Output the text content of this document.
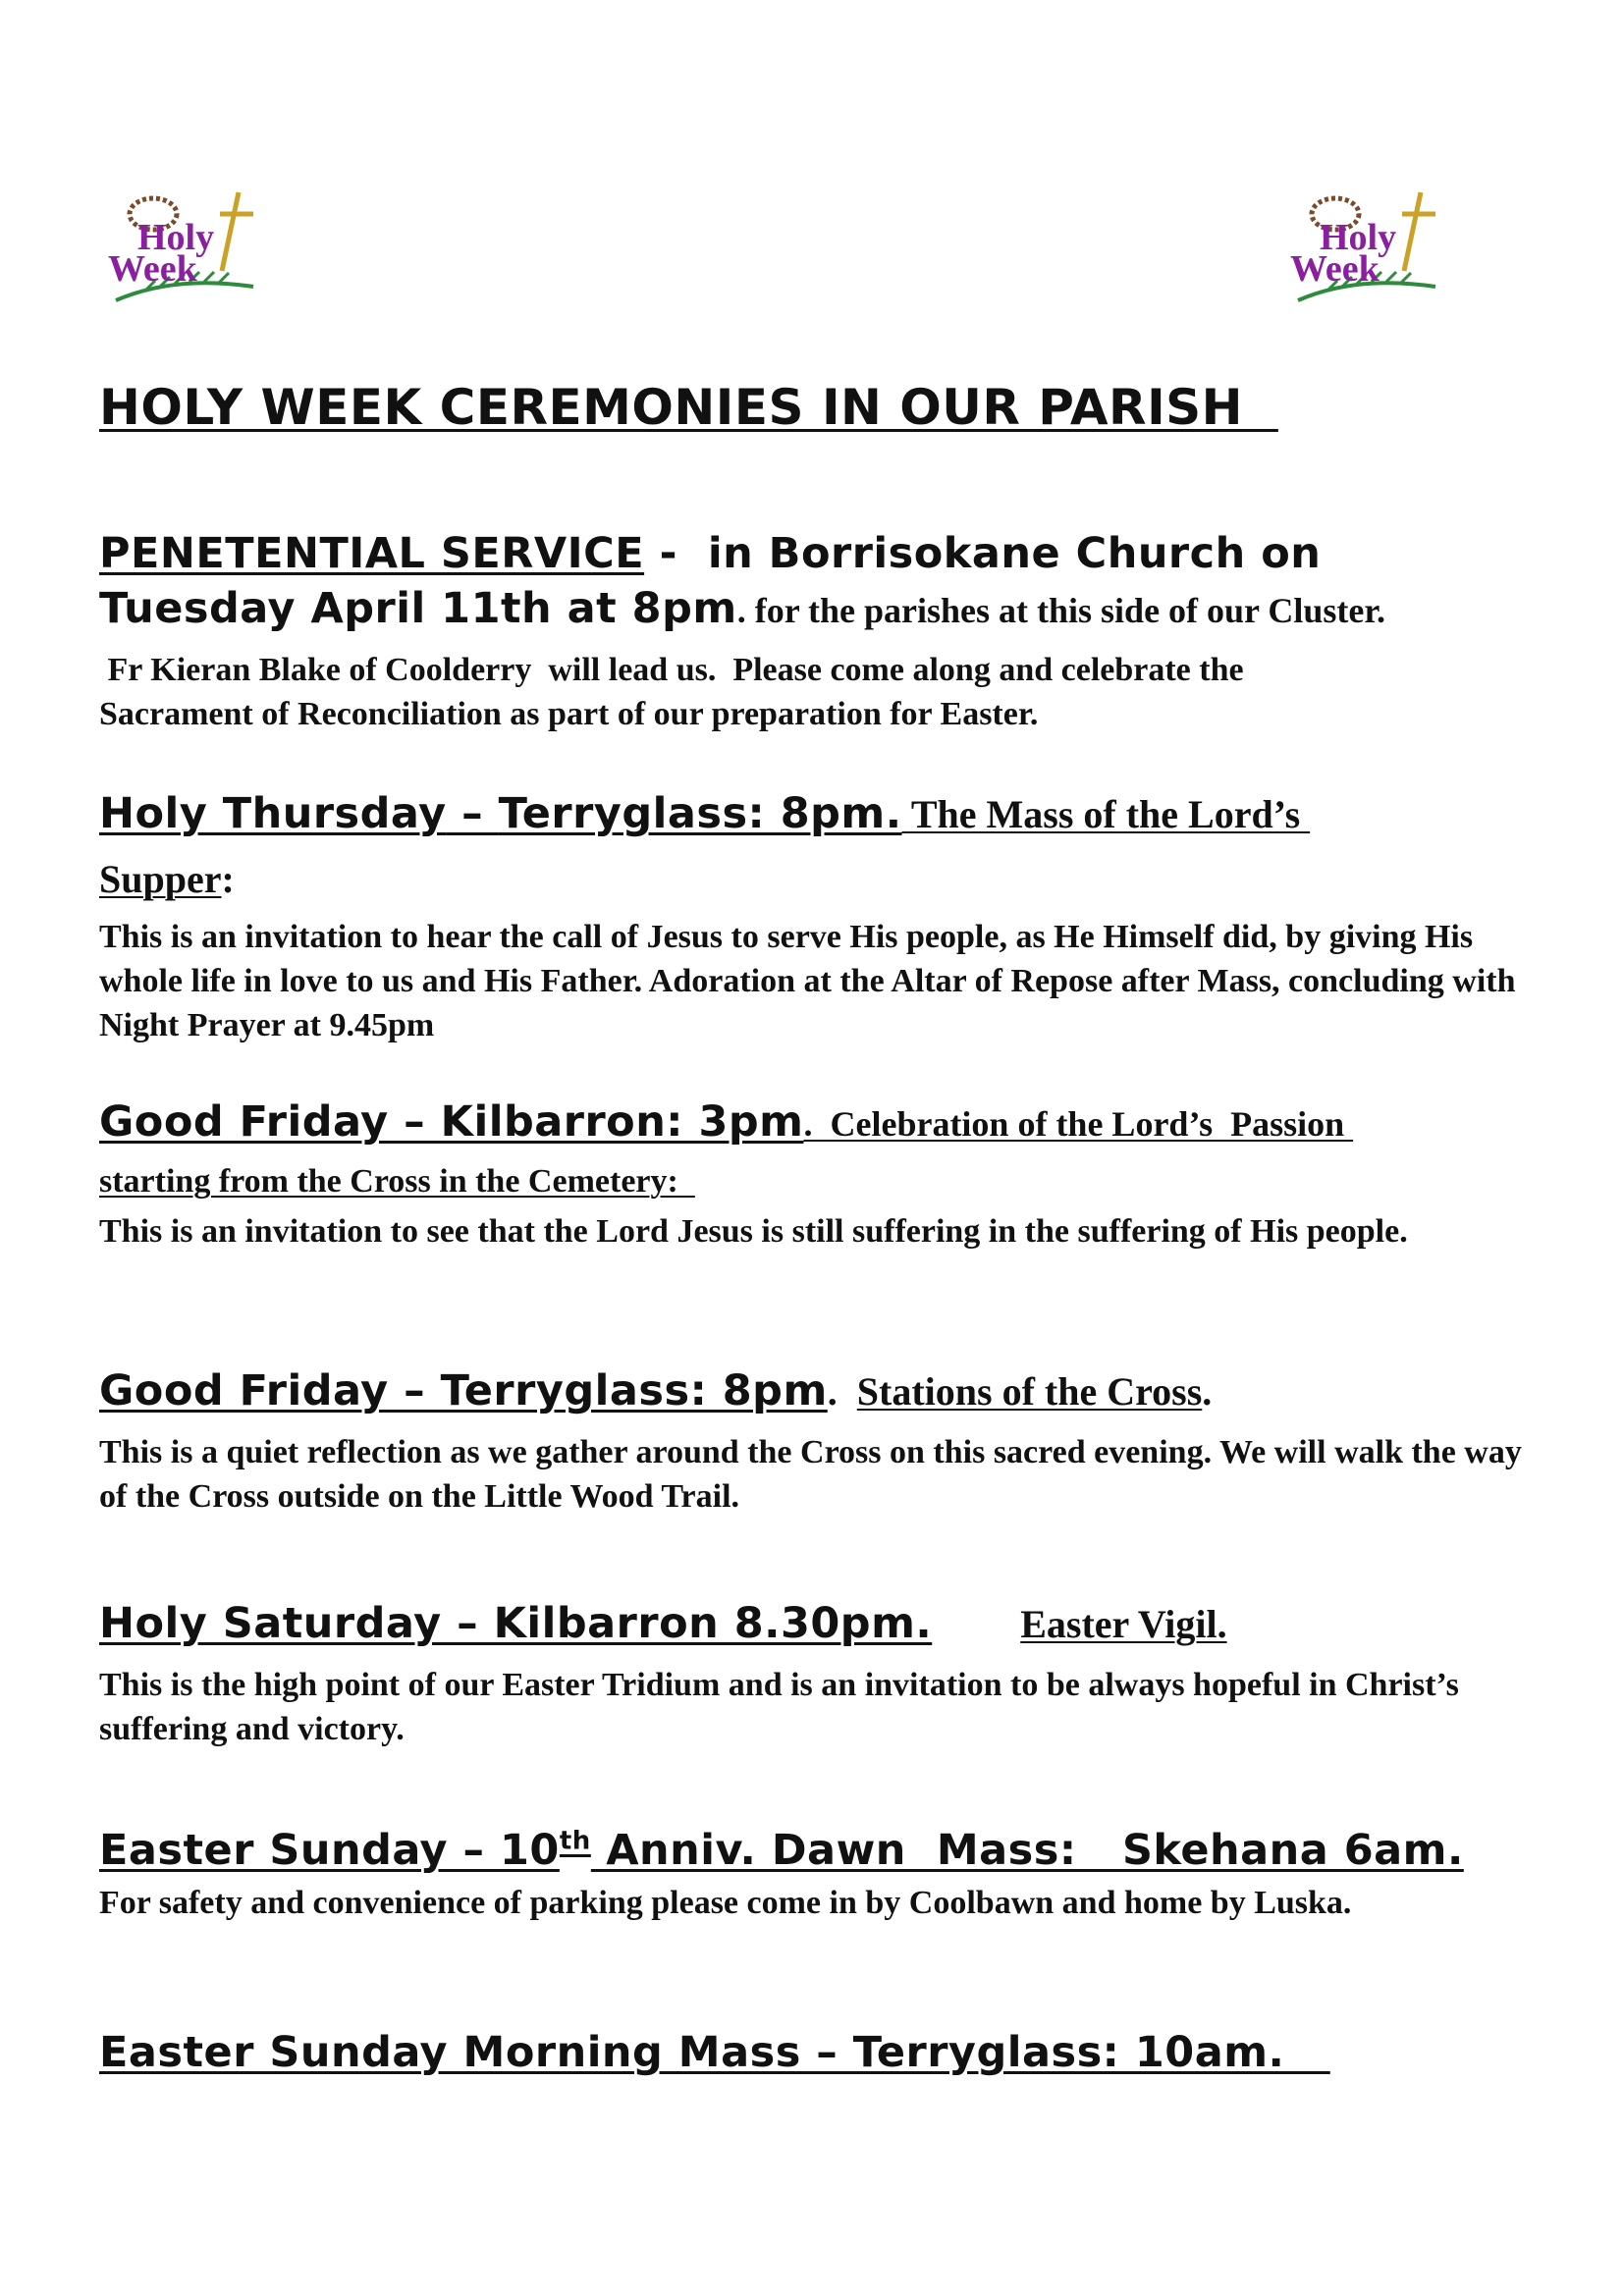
Holy
Week
Holy
Week
HOLY WEEK CEREMONIES IN OUR PARISH
PENETENTIAL SERVICE -  in Borrisokane Church on
Tuesday April 11th at 8pm. for the parishes at this side of our Cluster.
Fr Kieran Blake of Coolderry  will lead us.  Please come along and celebrate the
Sacrament of Reconciliation as part of our preparation for Easter.
Holy Thursday – Terryglass: 8pm. The Mass of the Lord’s
Supper:
This is an invitation to hear the call of Jesus to serve His people, as He Himself did, by giving His whole life in love to us and His Father. Adoration at the Altar of Repose after Mass, concluding with Night Prayer at 9.45pm
Good Friday – Kilbarron: 3pm.  Celebration of the Lord’s  Passion
starting from the Cross in the Cemetery:
This is an invitation to see that the Lord Jesus is still suffering in the suffering of His people.
Good Friday – Terryglass: 8pm.  Stations of the Cross.
This is a quiet reflection as we gather around the Cross on this sacred evening. We will walk the way of the Cross outside on the Little Wood Trail.
Holy Saturday – Kilbarron 8.30pm. Easter Vigil.
This is the high point of our Easter Tridium and is an invitation to be always hopeful in Christ’s suffering and victory.
Easter Sunday – 10th Anniv. Dawn  Mass:   Skehana 6am.
For safety and convenience of parking please come in by Coolbawn and home by Luska.
Easter Sunday Morning Mass – Terryglass: 10am.
